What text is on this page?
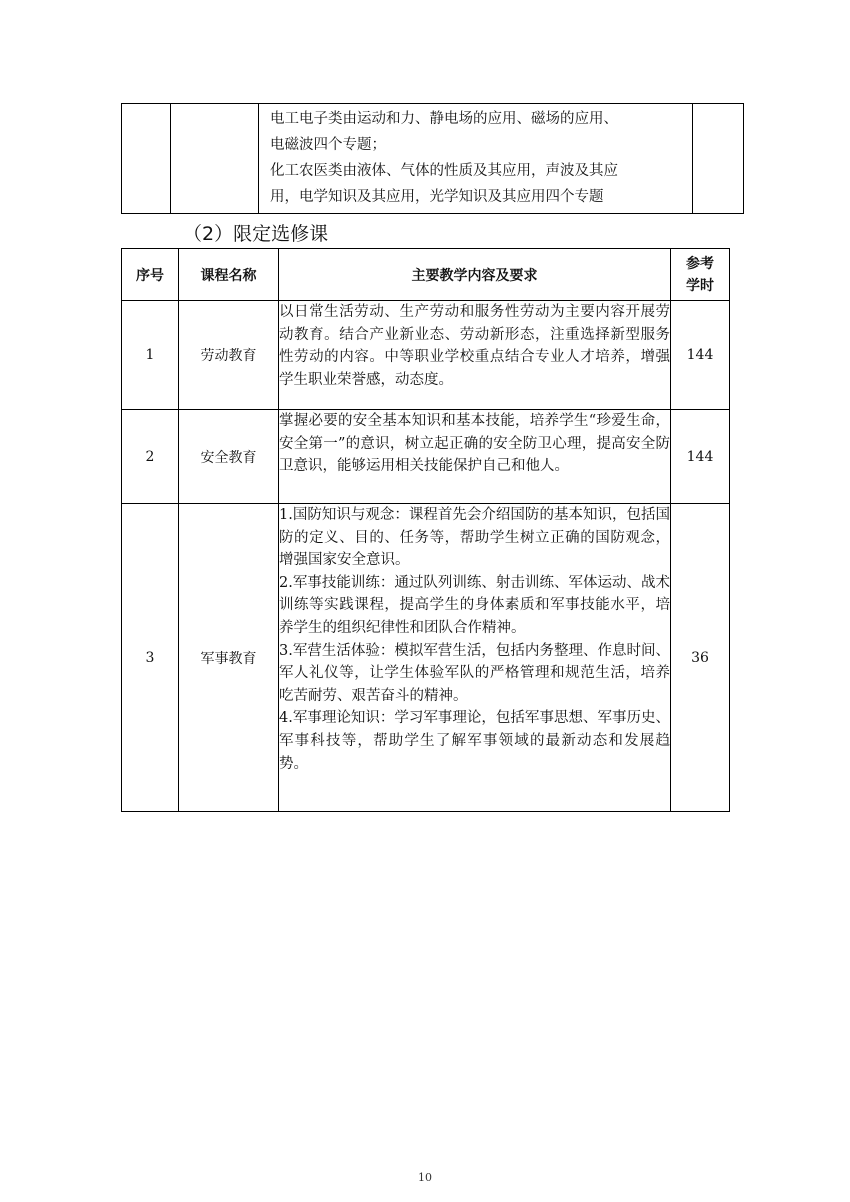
电工电子类由运动和力、静电场的应用、磁场的应用、
电磁波四个专题；
化工农医类由液体、气体的性质及其应用，声波及其应
用，电学知识及其应用，光学知识及其应用四个专题
（2）限定选修课
序号	课程名称	主要教学内容及要求	参考
学时

1	劳动教育	以日常生活劳动、生产劳动和服务性劳动为主要内容开展劳动教育。结合产业新业态、劳动新形态，注重选择新型服务性劳动的内容。中等职业学校重点结合专业人才培养，增强学生职业荣誉感，动态度。	144
2	安全教育	掌握必要的安全基本知识和基本技能，培养学生“珍爱生命，安全第一”的意识，树立起正确的安全防卫心理，提高安全防卫意识，能够运用相关技能保护自己和他人。	144
3	军事教育	1.国防知识与观念：课程首先会介绍国防的基本知识，包括国防的定义、目的、任务等，帮助学生树立正确的国防观念，增强国家安全意识。
2.军事技能训练：通过队列训练、射击训练、军体运动、战术训练等实践课程，提高学生的身体素质和军事技能水平，培养学生的组织纪律性和团队合作精神。
3.军营生活体验：模拟军营生活，包括内务整理、作息时间、军人礼仪等，让学生体验军队的严格管理和规范生活，培养吃苦耐劳、艰苦奋斗的精神。
4.军事理论知识：学习军事理论，包括军事思想、军事历史、军事科技等，帮助学生了解军事领域的最新动态和发展趋势。	36
10
